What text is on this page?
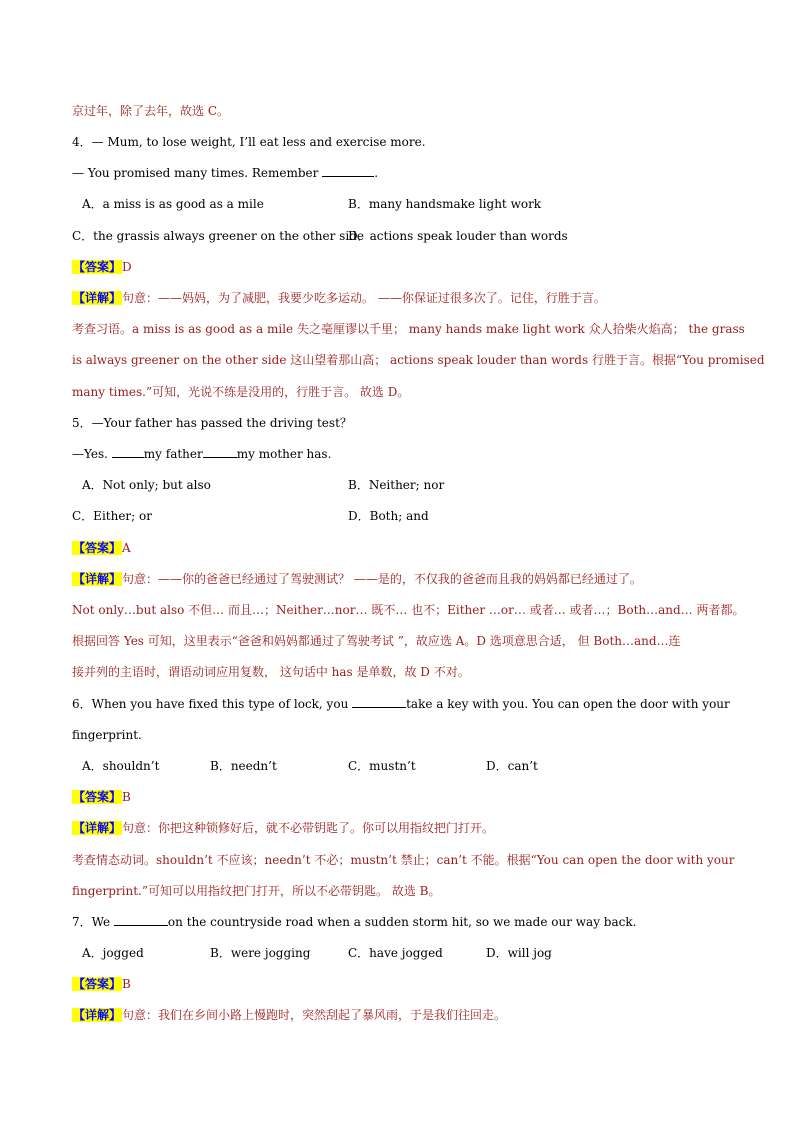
京过年，除了去年，故选 C。
4．— Mum, to lose weight, I’ll eat less and exercise more.
— You promised many times. Remember	.
A．a miss is as good as a mile	B．many handsmake light work
C．the grassis always greener on the other side
D．actions speak louder than words
【答案】D
【详解】句意：——妈妈，为了减肥，我要少吃多运动。 ——你保证过很多次了。记住，行胜于言。
考查习语。a miss is as good as a mile 失之毫厘谬以千里； many hands make light work 众人拾柴火焰高； the grass
is always greener on the other side 这山望着那山高； actions speak louder than words 行胜于言。根据“You promised
many times.”可知，光说不练是没用的，行胜于言。 故选 D。
5．—Your father has passed the driving test？
—Yes.	my father	my mother has.
A．Not only; but also	B．Neither; nor
C．Either; or	D．Both; and
【答案】A
【详解】句意：——你的爸爸已经通过了驾驶测试？ ——是的，不仅我的爸爸而且我的妈妈都已经通过了。
Not only…but also 不但… 而且…；Neither…nor… 既不… 也不；Either …or… 或者… 或者…；Both…and… 两者都。
根据回答 Yes 可知，这里表示“爸爸和妈妈都通过了驾驶考试 ”，故应选 A。D 选项意思合适， 但 Both…and…连
接并列的主语时，谓语动词应用复数， 这句话中 has 是单数，故 D 不对。
6．When you have fixed this type of lock, you	take a key with you. You can open the door with your
fingerprint.
A．shouldn’t	B．needn’t	C．mustn’t	D．can’t
【答案】B
【详解】句意：你把这种锁修好后，就不必带钥匙了。你可以用指纹把门打开。
考查情态动词。shouldn’t 不应该；needn’t 不必；mustn’t 禁止；can’t 不能。根据“You can open the door with your
fingerprint.”可知可以用指纹把门打开，所以不必带钥匙。 故选 B。
7．We	on the countryside road when a sudden storm hit, so we made our way back.
A．jogged	B．were jogging	C．have jogged	D．will jog
【答案】B
【详解】句意：我们在乡间小路上慢跑时，突然刮起了暴风雨，于是我们往回走。
